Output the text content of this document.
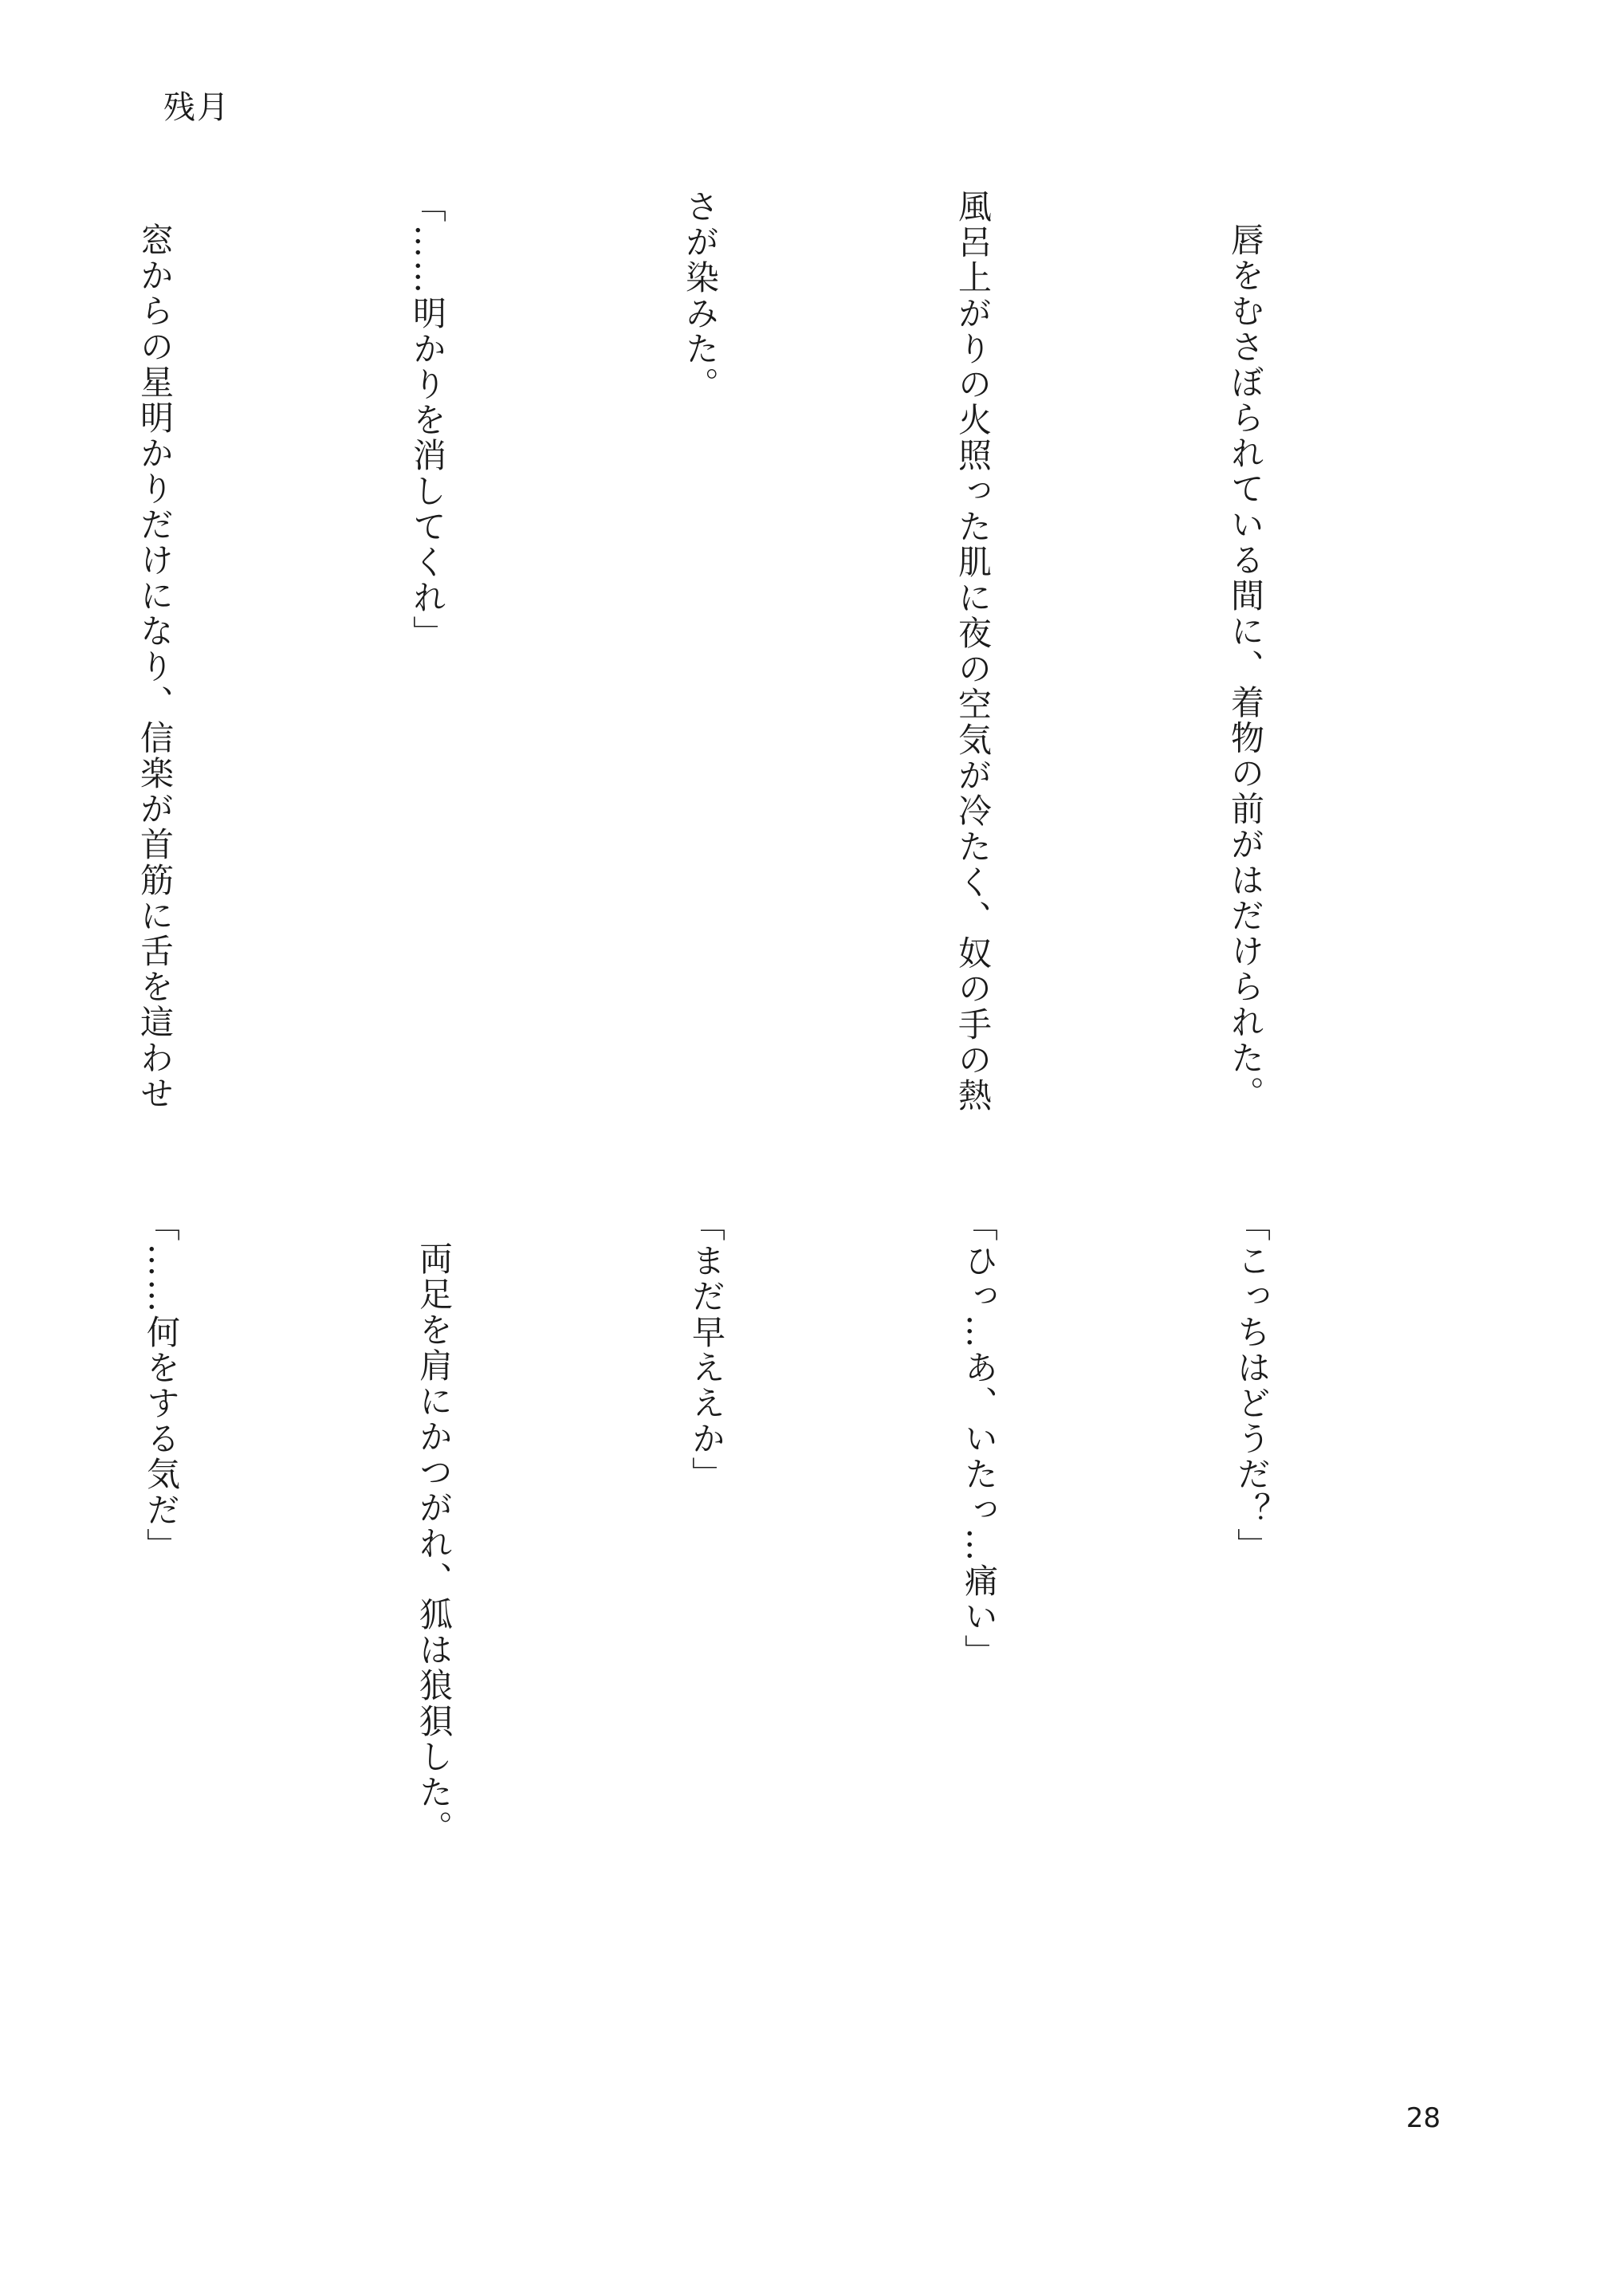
残月

唇をむさぼられている間に、着物の前がはだけられた。

風呂上がりの火照った肌に夜の空気が冷たく、奴の手の熱

さが染みた。

「……明かりを消してくれ」

窓からの星明かりだけになり、信楽が首筋に舌を這わせ

「こっちはどうだ？」

「ひっ…あ、いたっ…痛い」

「まだ早ええか」

両足を肩にかつがれ、狐は狼狽した。

「……何をする気だ」

28
